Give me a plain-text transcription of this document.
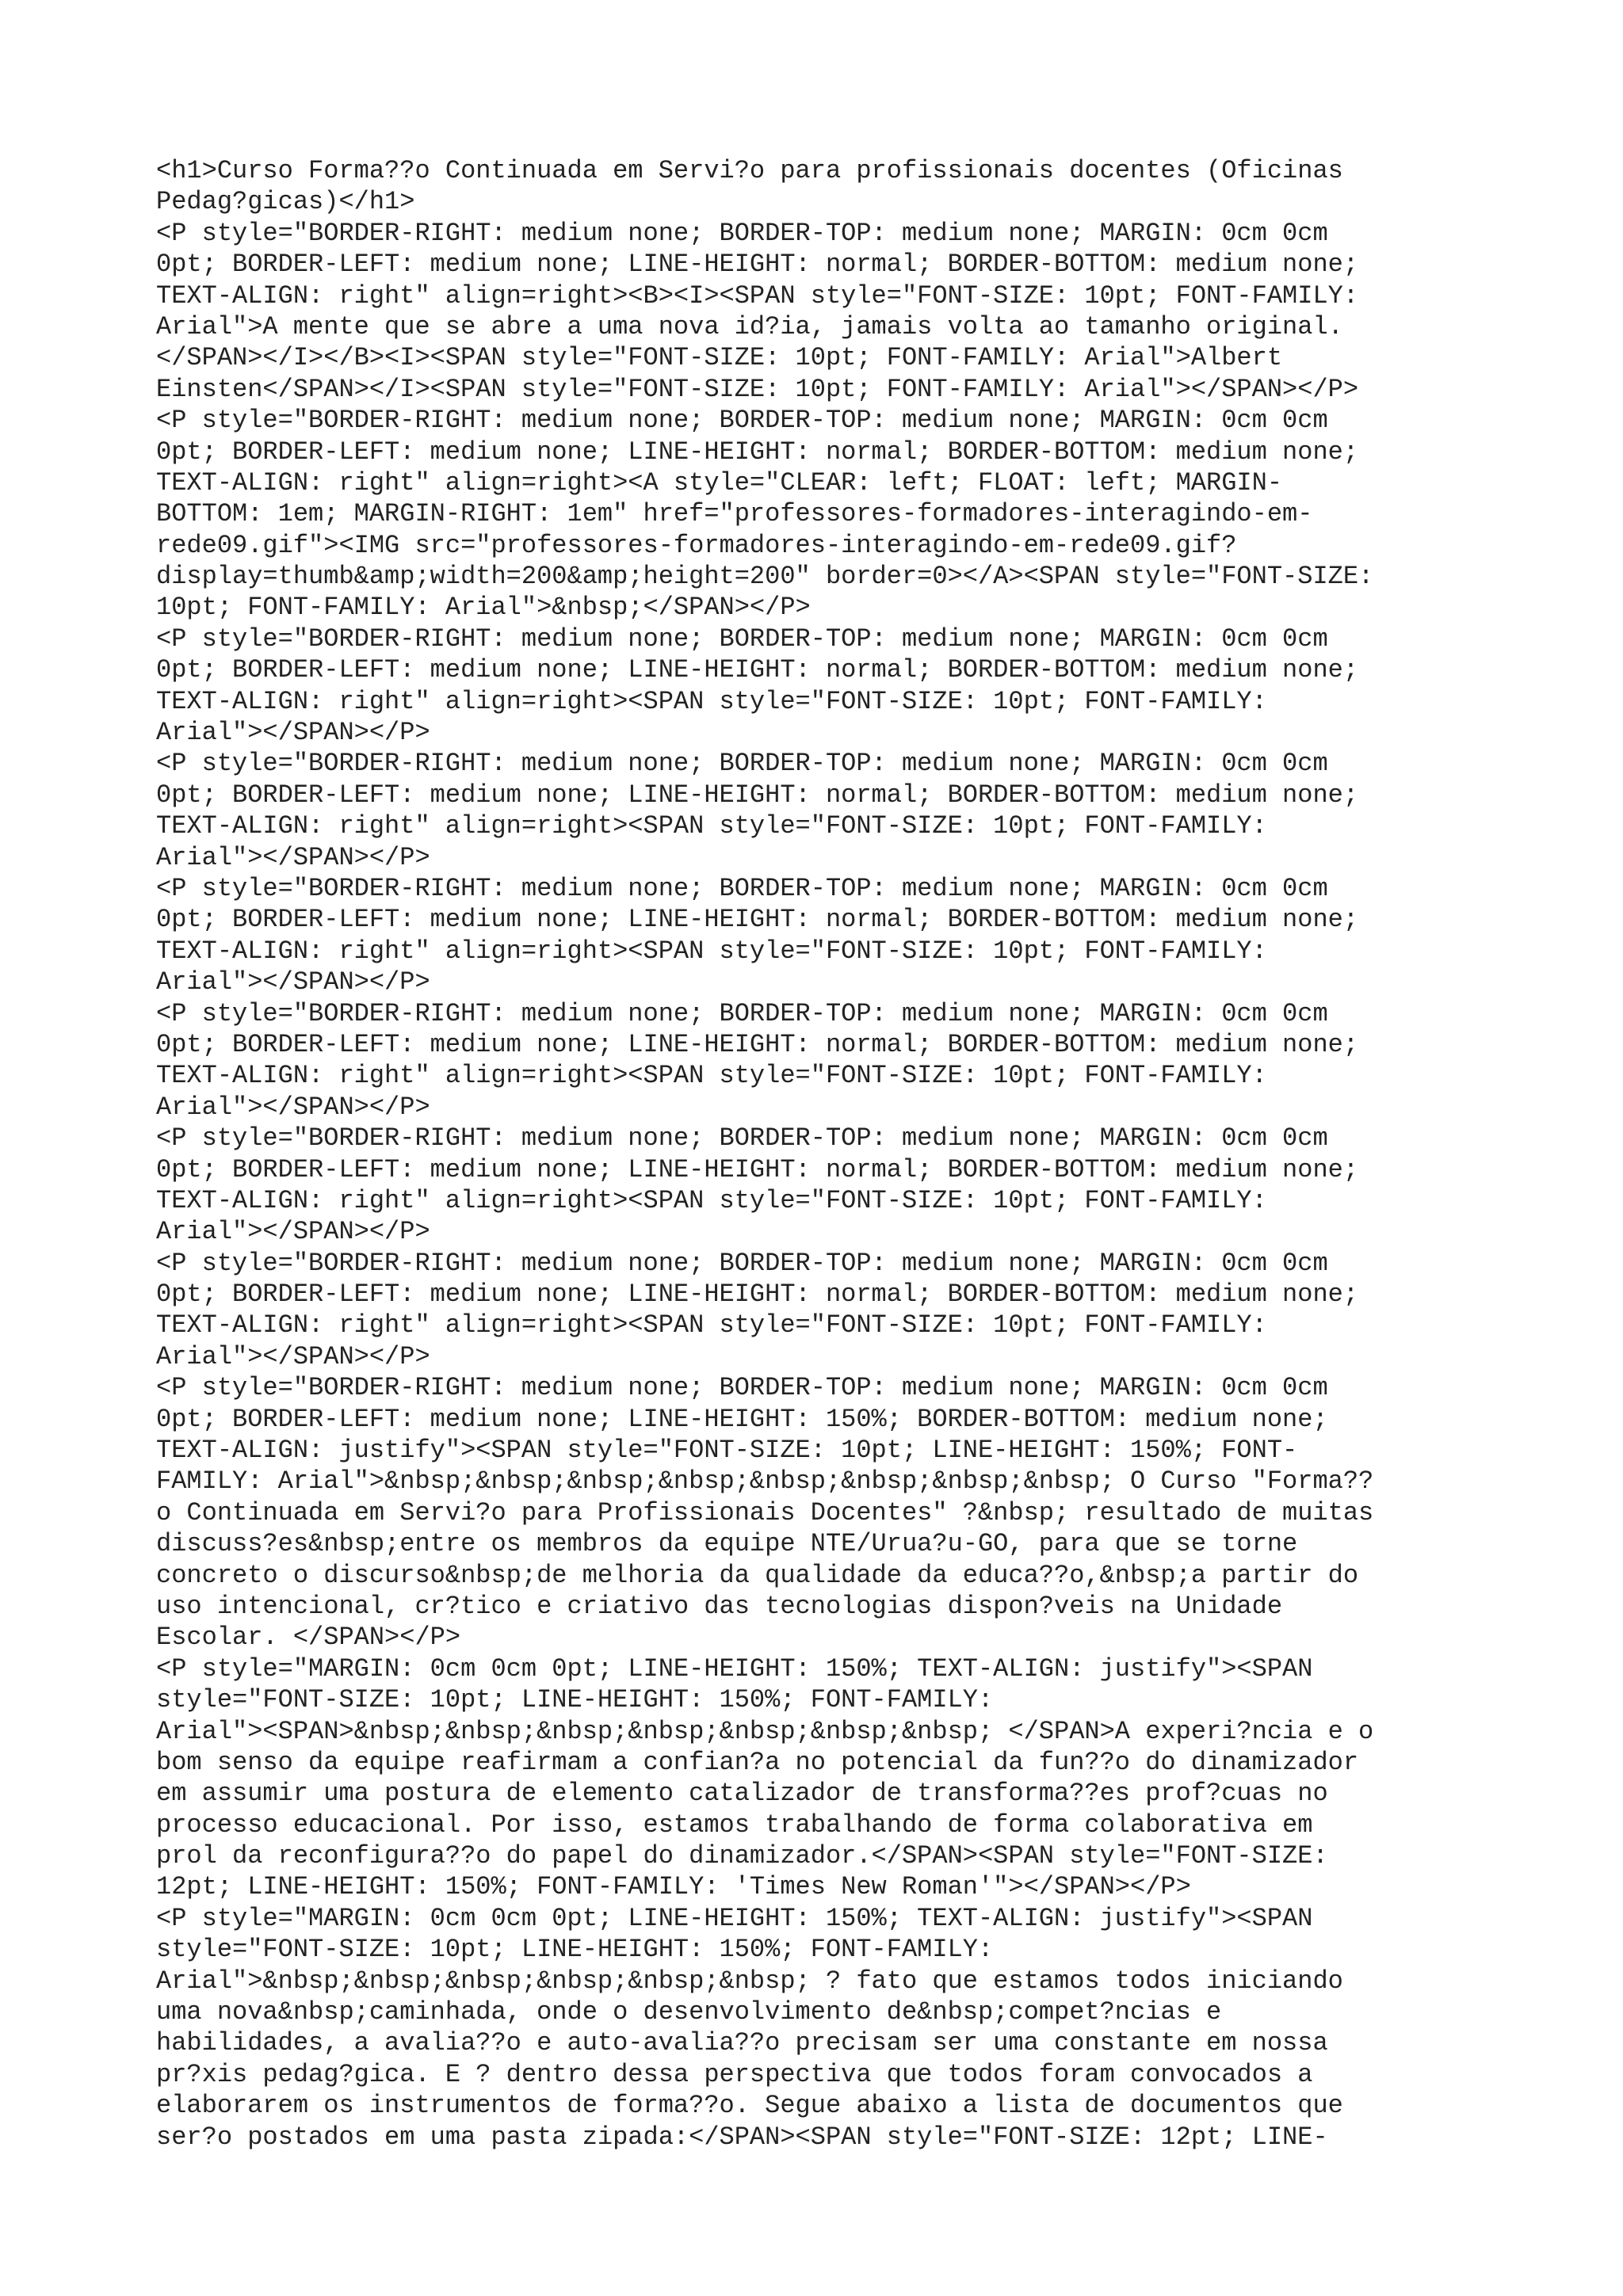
<h1>Curso Forma??o Continuada em Servi?o para profissionais docentes (Oficinas
Pedag?gicas)</h1>
<P style="BORDER-RIGHT: medium none; BORDER-TOP: medium none; MARGIN: 0cm 0cm
0pt; BORDER-LEFT: medium none; LINE-HEIGHT: normal; BORDER-BOTTOM: medium none;
TEXT-ALIGN: right" align=right><B><I><SPAN style="FONT-SIZE: 10pt; FONT-FAMILY:
Arial">A mente que se abre a uma nova id?ia, jamais volta ao tamanho original.
</SPAN></I></B><I><SPAN style="FONT-SIZE: 10pt; FONT-FAMILY: Arial">Albert
Einsten</SPAN></I><SPAN style="FONT-SIZE: 10pt; FONT-FAMILY: Arial"></SPAN></P>
<P style="BORDER-RIGHT: medium none; BORDER-TOP: medium none; MARGIN: 0cm 0cm
0pt; BORDER-LEFT: medium none; LINE-HEIGHT: normal; BORDER-BOTTOM: medium none;
TEXT-ALIGN: right" align=right><A style="CLEAR: left; FLOAT: left; MARGIN-
BOTTOM: 1em; MARGIN-RIGHT: 1em" href="professores-formadores-interagindo-em-
rede09.gif"><IMG src="professores-formadores-interagindo-em-rede09.gif?
display=thumb&amp;width=200&amp;height=200" border=0></A><SPAN style="FONT-SIZE:
10pt; FONT-FAMILY: Arial">&nbsp;</SPAN></P>
<P style="BORDER-RIGHT: medium none; BORDER-TOP: medium none; MARGIN: 0cm 0cm
0pt; BORDER-LEFT: medium none; LINE-HEIGHT: normal; BORDER-BOTTOM: medium none;
TEXT-ALIGN: right" align=right><SPAN style="FONT-SIZE: 10pt; FONT-FAMILY:
Arial"></SPAN></P>
<P style="BORDER-RIGHT: medium none; BORDER-TOP: medium none; MARGIN: 0cm 0cm
0pt; BORDER-LEFT: medium none; LINE-HEIGHT: normal; BORDER-BOTTOM: medium none;
TEXT-ALIGN: right" align=right><SPAN style="FONT-SIZE: 10pt; FONT-FAMILY:
Arial"></SPAN></P>
<P style="BORDER-RIGHT: medium none; BORDER-TOP: medium none; MARGIN: 0cm 0cm
0pt; BORDER-LEFT: medium none; LINE-HEIGHT: normal; BORDER-BOTTOM: medium none;
TEXT-ALIGN: right" align=right><SPAN style="FONT-SIZE: 10pt; FONT-FAMILY:
Arial"></SPAN></P>
<P style="BORDER-RIGHT: medium none; BORDER-TOP: medium none; MARGIN: 0cm 0cm
0pt; BORDER-LEFT: medium none; LINE-HEIGHT: normal; BORDER-BOTTOM: medium none;
TEXT-ALIGN: right" align=right><SPAN style="FONT-SIZE: 10pt; FONT-FAMILY:
Arial"></SPAN></P>
<P style="BORDER-RIGHT: medium none; BORDER-TOP: medium none; MARGIN: 0cm 0cm
0pt; BORDER-LEFT: medium none; LINE-HEIGHT: normal; BORDER-BOTTOM: medium none;
TEXT-ALIGN: right" align=right><SPAN style="FONT-SIZE: 10pt; FONT-FAMILY:
Arial"></SPAN></P>
<P style="BORDER-RIGHT: medium none; BORDER-TOP: medium none; MARGIN: 0cm 0cm
0pt; BORDER-LEFT: medium none; LINE-HEIGHT: normal; BORDER-BOTTOM: medium none;
TEXT-ALIGN: right" align=right><SPAN style="FONT-SIZE: 10pt; FONT-FAMILY:
Arial"></SPAN></P>
<P style="BORDER-RIGHT: medium none; BORDER-TOP: medium none; MARGIN: 0cm 0cm
0pt; BORDER-LEFT: medium none; LINE-HEIGHT: 150%; BORDER-BOTTOM: medium none;
TEXT-ALIGN: justify"><SPAN style="FONT-SIZE: 10pt; LINE-HEIGHT: 150%; FONT-
FAMILY: Arial">&nbsp;&nbsp;&nbsp;&nbsp;&nbsp;&nbsp;&nbsp;&nbsp; O Curso "Forma??
o Continuada em Servi?o para Profissionais Docentes" ?&nbsp; resultado de muitas
discuss?es&nbsp;entre os membros da equipe NTE/Urua?u-GO, para que se torne
concreto o discurso&nbsp;de melhoria da qualidade da educa??o,&nbsp;a partir do
uso intencional, cr?tico e criativo das tecnologias dispon?veis na Unidade
Escolar. </SPAN></P>
<P style="MARGIN: 0cm 0cm 0pt; LINE-HEIGHT: 150%; TEXT-ALIGN: justify"><SPAN
style="FONT-SIZE: 10pt; LINE-HEIGHT: 150%; FONT-FAMILY:
Arial"><SPAN>&nbsp;&nbsp;&nbsp;&nbsp;&nbsp;&nbsp;&nbsp; </SPAN>A experi?ncia e o
bom senso da equipe reafirmam a confian?a no potencial da fun??o do dinamizador
em assumir uma postura de elemento catalizador de transforma??es prof?cuas no
processo educacional. Por isso, estamos trabalhando de forma colaborativa em
prol da reconfigura??o do papel do dinamizador.</SPAN><SPAN style="FONT-SIZE:
12pt; LINE-HEIGHT: 150%; FONT-FAMILY: 'Times New Roman'"></SPAN></P>
<P style="MARGIN: 0cm 0cm 0pt; LINE-HEIGHT: 150%; TEXT-ALIGN: justify"><SPAN
style="FONT-SIZE: 10pt; LINE-HEIGHT: 150%; FONT-FAMILY:
Arial">&nbsp;&nbsp;&nbsp;&nbsp;&nbsp;&nbsp; ? fato que estamos todos iniciando
uma nova&nbsp;caminhada, onde o desenvolvimento de&nbsp;compet?ncias e
habilidades, a avalia??o e auto-avalia??o precisam ser uma constante em nossa
pr?xis pedag?gica. E ? dentro dessa perspectiva que todos foram convocados a
elaborarem os instrumentos de forma??o. Segue abaixo a lista de documentos que
ser?o postados em uma pasta zipada:</SPAN><SPAN style="FONT-SIZE: 12pt; LINE-
